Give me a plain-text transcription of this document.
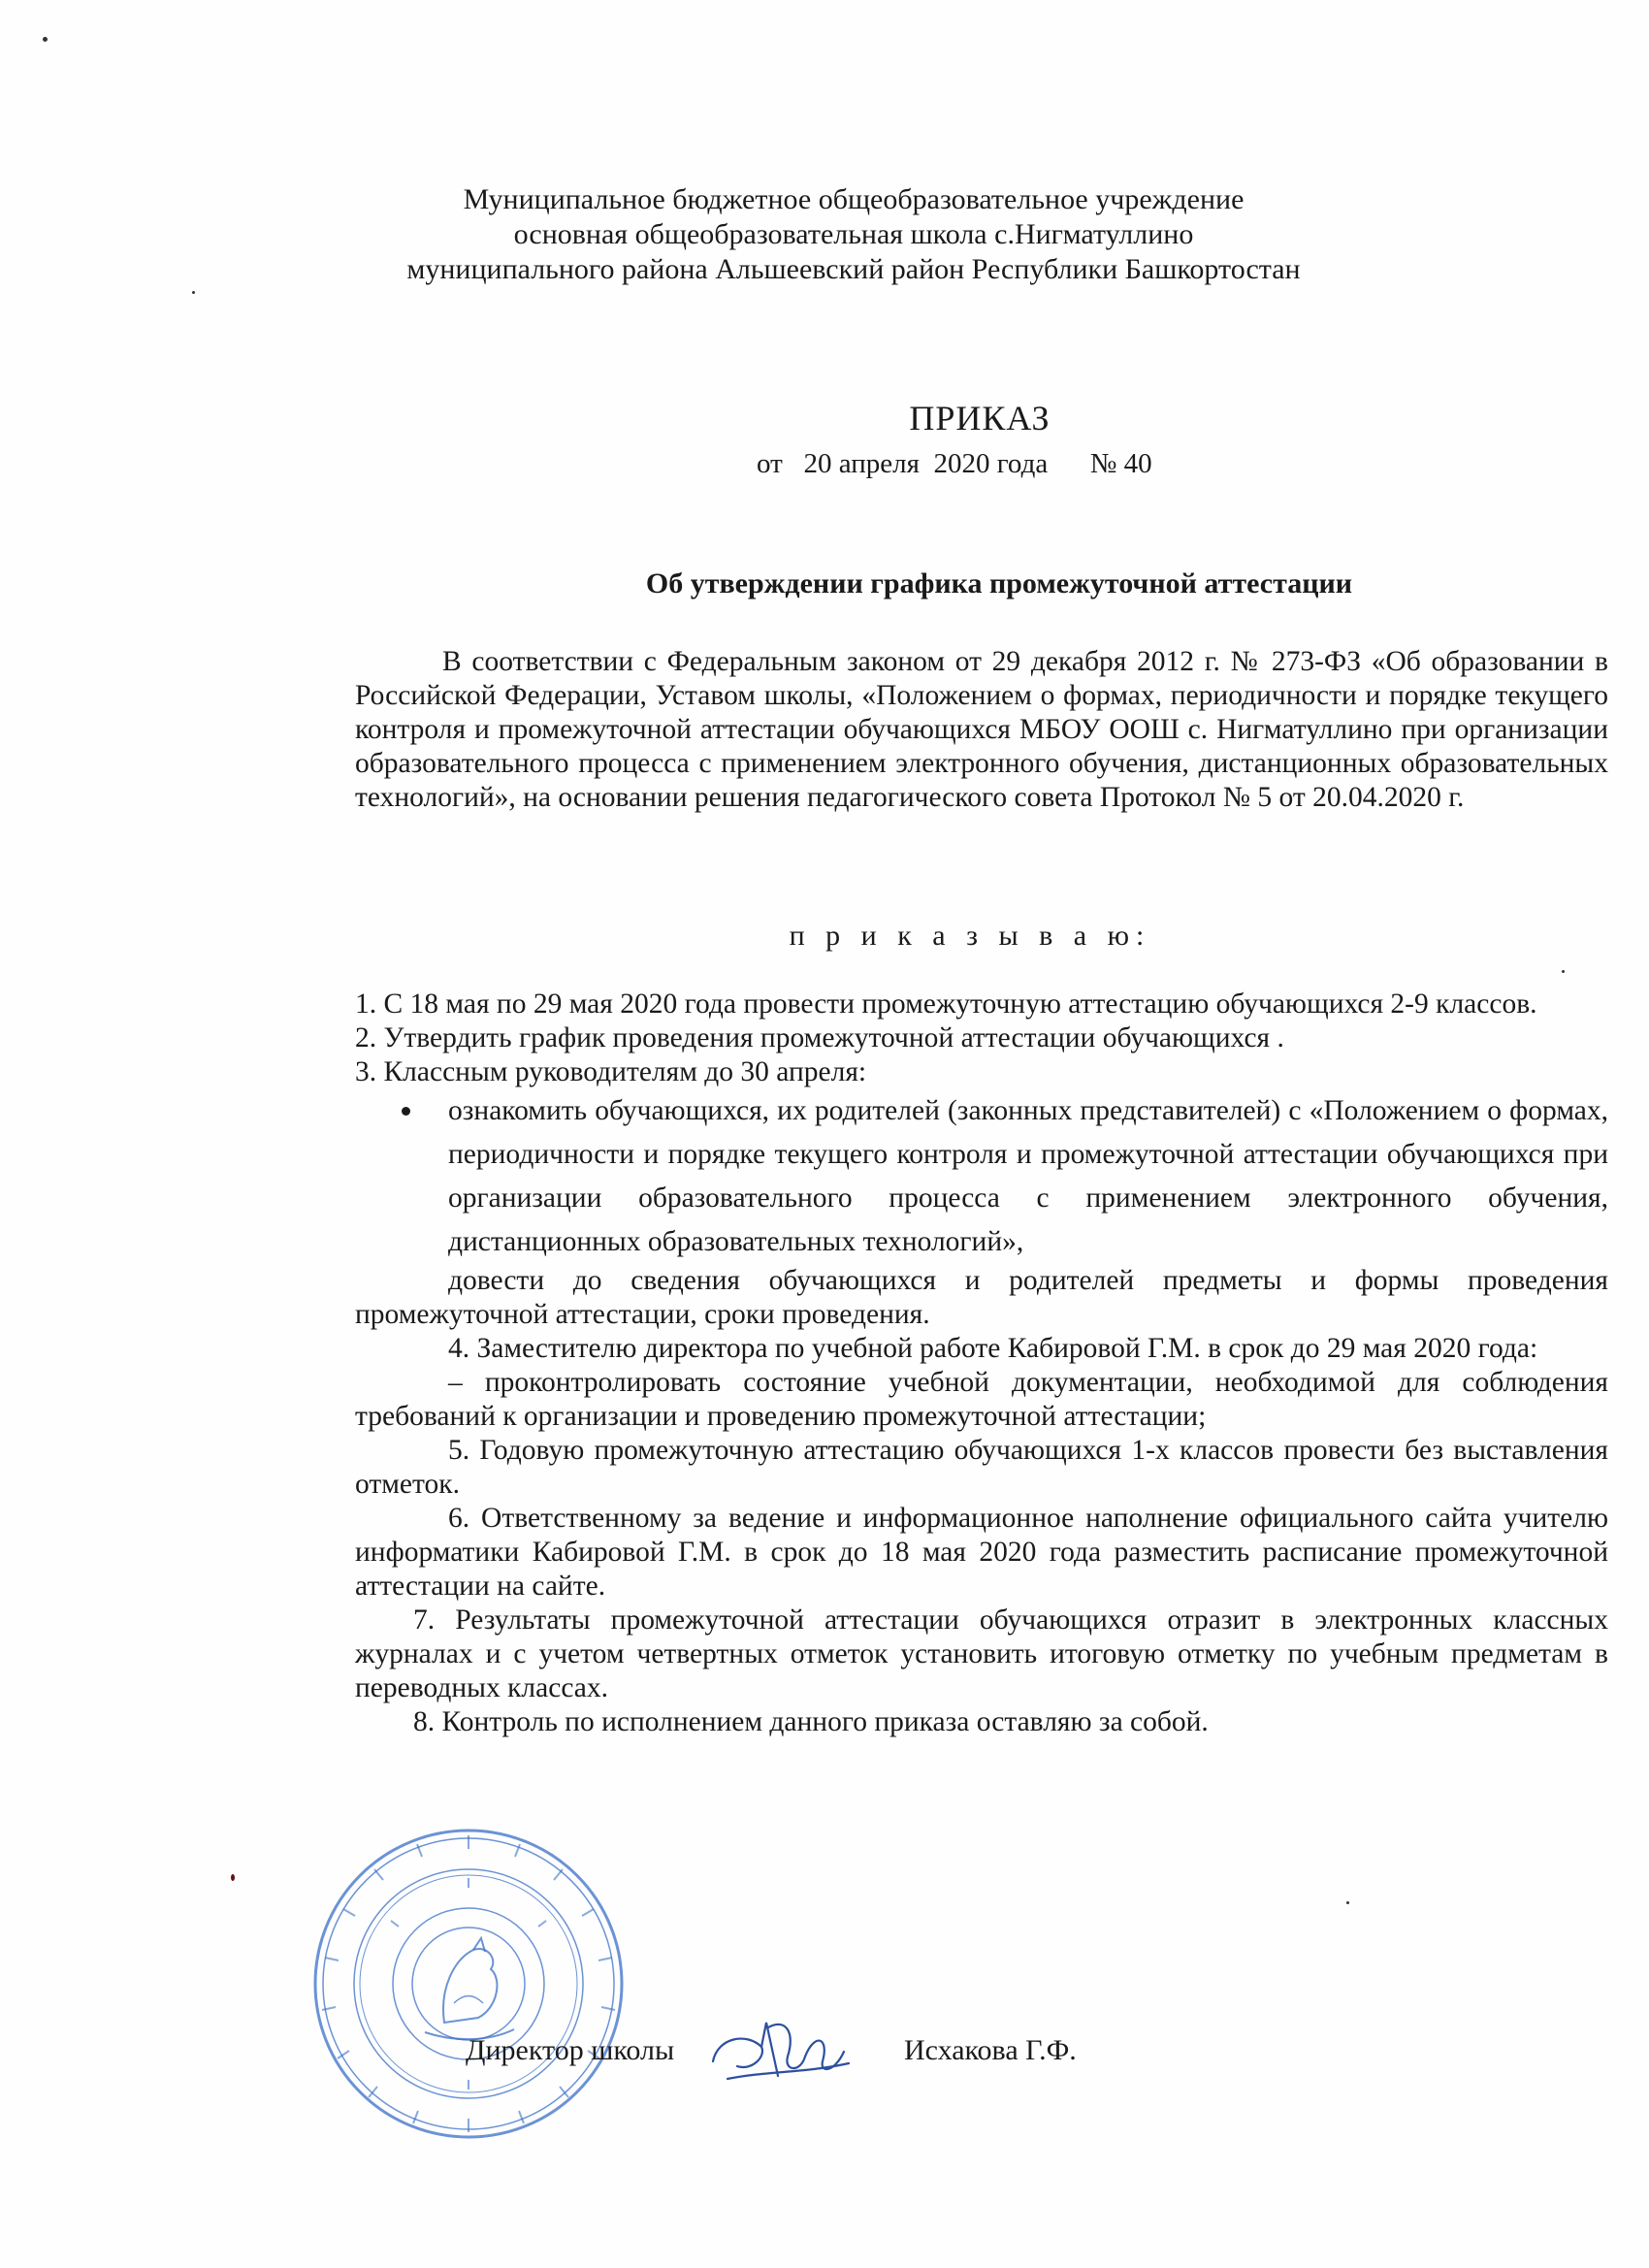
Муниципальное бюджетное общеобразовательное учреждение
основная общеобразовательная школа с.Нигматуллино
муниципального района Альшеевский район Республики Башкортостан
ПРИКАЗ
от 20 апреля  2020 года № 40
Об утверждении графика промежуточной аттестации

В соответствии с Федеральным законом от 29 декабря 2012 г. № 273-ФЗ «Об образовании в Российской Федерации, Уставом школы, «Положением о формах, периодичности и порядке текущего контроля и промежуточной аттестации обучающихся МБОУ ООШ с. Нигматуллино при организации образовательного процесса с применением электронного обучения, дистанционных образовательных технологий», на основании решения педагогического совета Протокол № 5 от 20.04.2020 г.

п р и к а з ы в а ю:

1. С 18 мая по 29 мая 2020 года провести промежуточную аттестацию обучающихся 2-9 классов.

2. Утвердить график проведения промежуточной аттестации обучающихся .

3. Классным руководителям до 30 апреля:

ознакомить обучающихся, их родителей (законных представителей) с «Положением о формах, периодичности и порядке текущего контроля и промежуточной аттестации обучающихся при организации образовательного процесса с применением электронного обучения, дистанционных образовательных технологий»,

довести до сведения обучающихся и родителей предметы и формы проведения промежуточной аттестации, сроки проведения.

4. Заместителю директора по учебной работе Кабировой Г.М. в срок до 29 мая 2020 года:

– проконтролировать состояние учебной документации, необходимой для соблюдения требований к организации и проведению промежуточной аттестации;

5. Годовую промежуточную аттестацию обучающихся 1-х классов провести без выставления отметок.

6. Ответственному за ведение и информационное наполнение официального сайта учителю информатики Кабировой Г.М. в срок до 18 мая 2020 года разместить расписание промежуточной аттестации на сайте.

7. Результаты промежуточной аттестации обучающихся отразит в электронных классных журналах и с учетом четвертных отметок установить итоговую отметку по учебным предметам в переводных классах.

8. Контроль по исполнением данного приказа оставляю за собой.

Директор школы	Исхакова Г.Ф.
